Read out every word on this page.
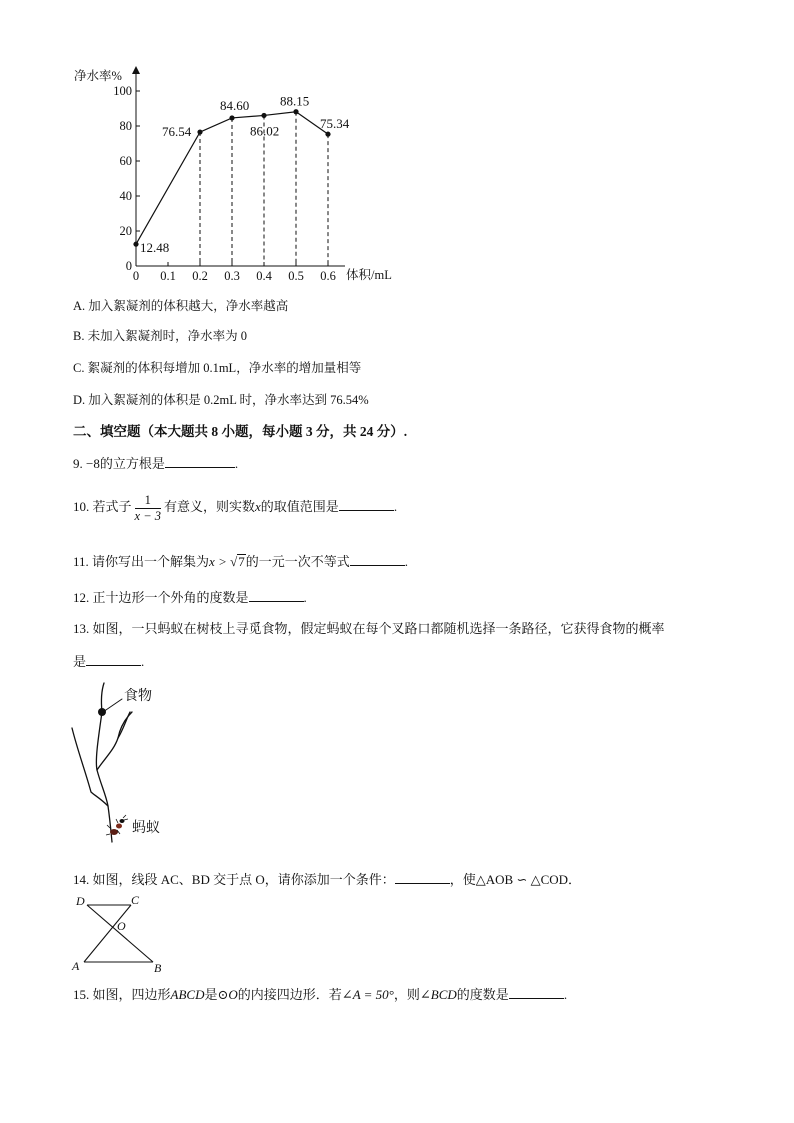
净水率%
体积/mL
0
20
40
60
80
100
0 0.1 0.2 0.3 0.4 0.5 0.6
12.48
76.54
84.60
86.02
88.15
75.34
A. 加入絮凝剂的体积越大，净水率越高
B. 未加入絮凝剂时，净水率为 0
C. 絮凝剂的体积每增加 0.1mL，净水率的增加量相等
D. 加入絮凝剂的体积是 0.2mL 时，净水率达到 76.54%
二、填空题（本大题共 8 小题，每小题 3 分，共 24 分）.
9. −8的立方根是	.
10. 若式子 $\frac{1}{x - 3}$ 有意义，则实数x的取值范围是	.
11. 请你写出一个解集为x > √7的一元一次不等式	.
12. 正十边形一个外角的度数是	.
13. 如图，一只蚂蚁在树枝上寻觅食物，假定蚂蚁在每个叉路口都随机选择一条路径，它获得食物的概率
是	.
食物
蚂蚁
14. 如图，线段 AC、BD 交于点 O，请你添加一个条件：	，使△AOB ∽ △COD．
D	C
O
A	B
15. 如图，四边形ABCD是⊙O的内接四边形．若∠A = 50°，则∠BCD的度数是	.
